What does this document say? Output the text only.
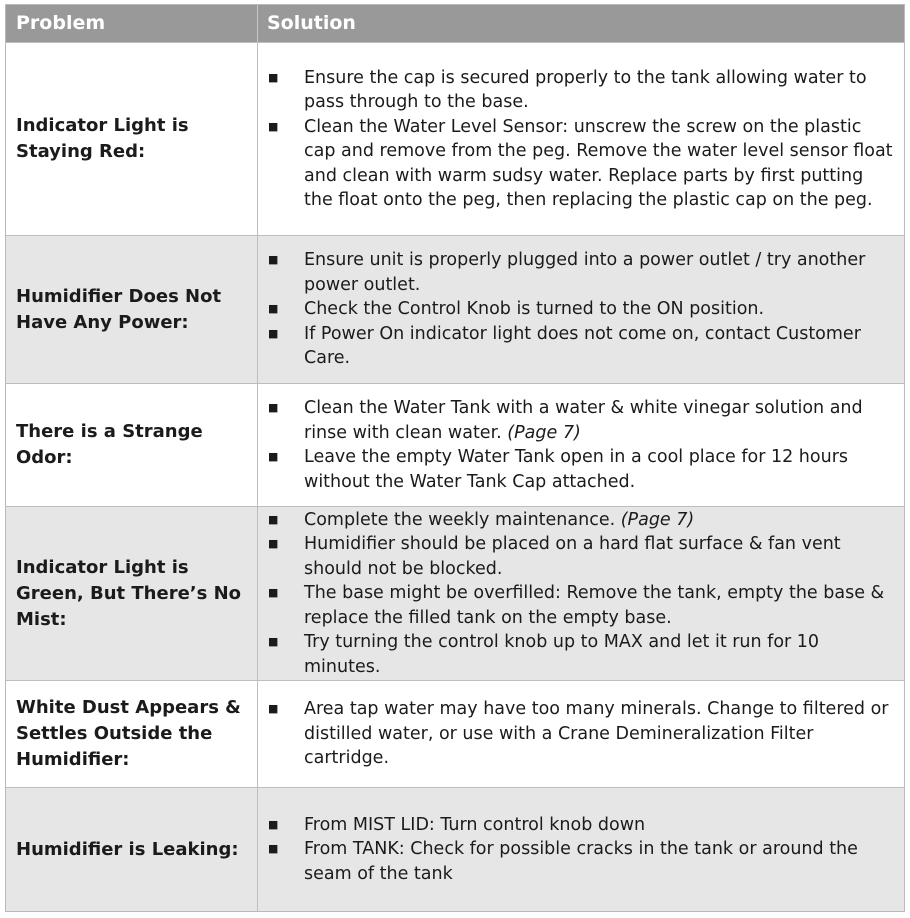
Problem	Solution
Indicator Light is Staying Red:
■ Ensure the cap is secured properly to the tank allowing water to pass through to the base.
■ Clean the Water Level Sensor: unscrew the screw on the plastic cap and remove from the peg. Remove the water level sensor float and clean with warm sudsy water. Replace parts by first putting the float onto the peg, then replacing the plastic cap on the peg.
Humidifier Does Not Have Any Power:
■ Ensure unit is properly plugged into a power outlet / try another power outlet.
■ Check the Control Knob is turned to the ON position.
■ If Power On indicator light does not come on, contact Customer Care.
There is a Strange Odor:
■ Clean the Water Tank with a water & white vinegar solution and rinse with clean water. (Page 7)
■ Leave the empty Water Tank open in a cool place for 12 hours without the Water Tank Cap attached.
Indicator Light is Green, But There’s No Mist:
■ Complete the weekly maintenance. (Page 7)
■ Humidifier should be placed on a hard flat surface & fan vent should not be blocked.
■ The base might be overfilled: Remove the tank, empty the base & replace the filled tank on the empty base.
■ Try turning the control knob up to MAX and let it run for 10 minutes.
White Dust Appears & Settles Outside the Humidifier:
■ Area tap water may have too many minerals. Change to filtered or distilled water, or use with a Crane Demineralization Filter cartridge.
Humidifier is Leaking:
■ From MIST LID: Turn control knob down
■ From TANK: Check for possible cracks in the tank or around the seam of the tank
